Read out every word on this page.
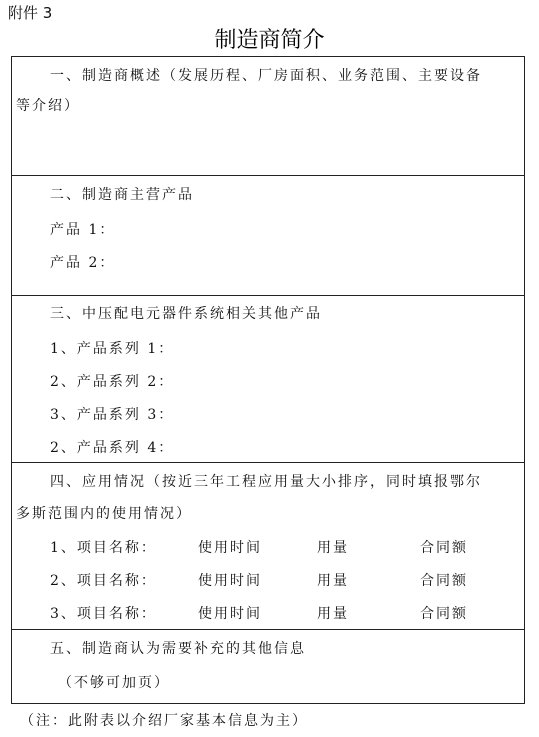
附件 3
制造商简介
一、制造商概述（发展历程、厂房面积、业务范围、主要设备
等介绍）
二、制造商主营产品
产品 1：
产品 2：
三、中压配电元器件系统相关其他产品
1、产品系列 1：
2、产品系列 2：
3、产品系列 3：
2、产品系列 4：
四、应用情况（按近三年工程应用量大小排序，同时填报鄂尔
多斯范围内的使用情况）
1、项目名称：	使用时间	用量	合同额
2、项目名称：	使用时间	用量	合同额
3、项目名称：	使用时间	用量	合同额
五、制造商认为需要补充的其他信息
（不够可加页）
（注：此附表以介绍厂家基本信息为主）
